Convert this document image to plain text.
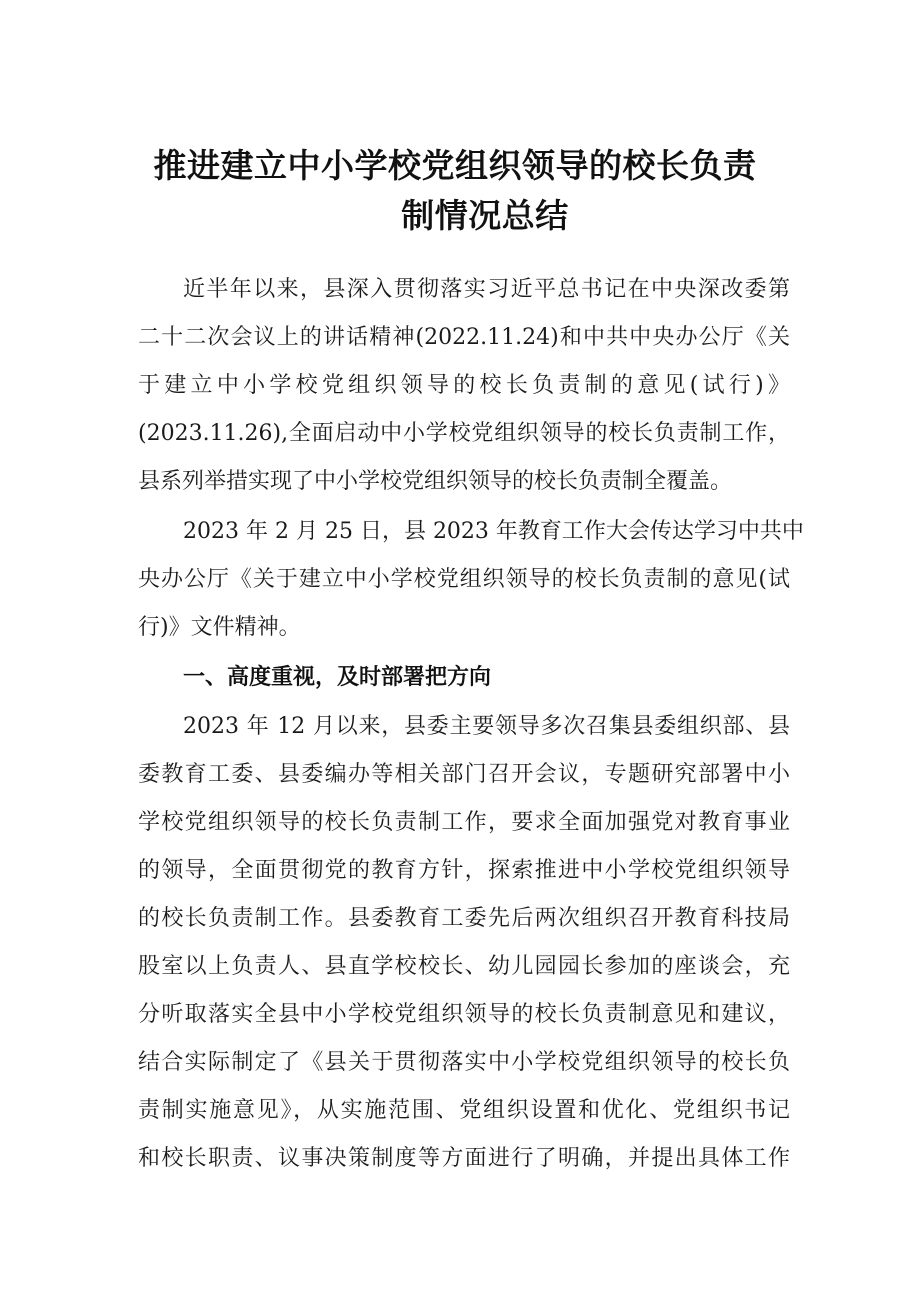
推进建立中小学校党组织领导的校长负责
制情况总结
近半年以来，县深入贯彻落实习近平总书记在中央深改委第
二十二次会议上的讲话精神(2022.11.24)和中共中央办公厅《关
于建立中小学校党组织领导的校长负责制的意见(试行)》
(2023.11.26),全面启动中小学校党组织领导的校长负责制工作，
县系列举措实现了中小学校党组织领导的校长负责制全覆盖。
2023 年 2 月 25 日，县 2023 年教育工作大会传达学习中共中
央办公厅《关于建立中小学校党组织领导的校长负责制的意见(试
行)》文件精神。
一、高度重视，及时部署把方向
2023 年 12 月以来，县委主要领导多次召集县委组织部、县
委教育工委、县委编办等相关部门召开会议，专题研究部署中小
学校党组织领导的校长负责制工作，要求全面加强党对教育事业
的领导，全面贯彻党的教育方针，探索推进中小学校党组织领导
的校长负责制工作。县委教育工委先后两次组织召开教育科技局
股室以上负责人、县直学校校长、幼儿园园长参加的座谈会，充
分听取落实全县中小学校党组织领导的校长负责制意见和建议，
结合实际制定了《县关于贯彻落实中小学校党组织领导的校长负
责制实施意见》，从实施范围、党组织设置和优化、党组织书记
和校长职责、议事决策制度等方面进行了明确，并提出具体工作
